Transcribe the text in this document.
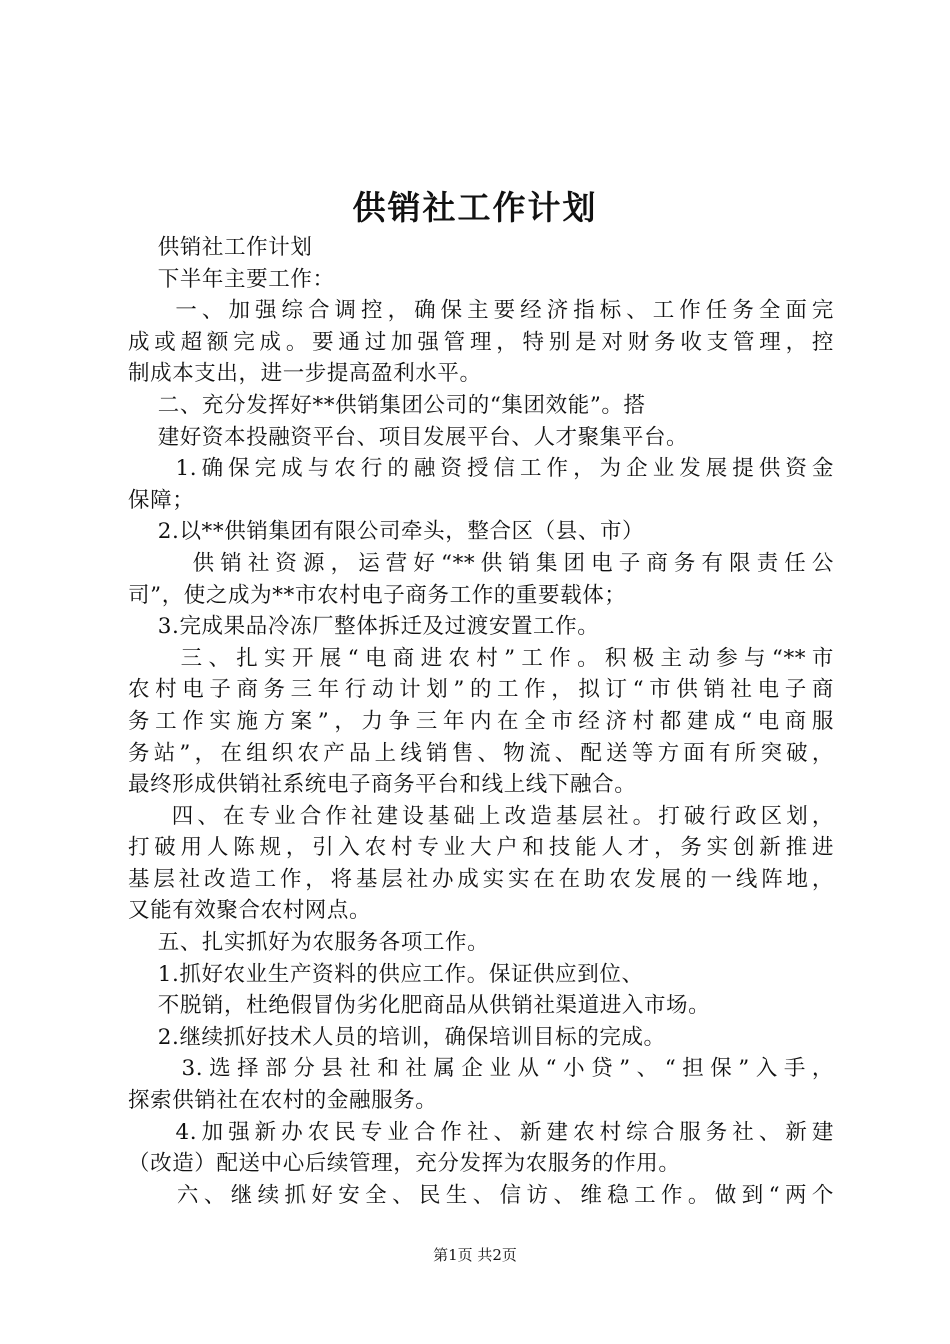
供销社工作计划
供销社工作计划
下半年主要工作：
一、加强综合调控，确保主要经济指标、工作任务全面完
成或超额完成。要通过加强管理，特别是对财务收支管理，控
制成本支出，进一步提高盈利水平。
二、充分发挥好**供销集团公司的“集团效能”。搭
建好资本投融资平台、项目发展平台、人才聚集平台。
1.确保完成与农行的融资授信工作，为企业发展提供资金
保障；
2.以**供销集团有限公司牵头，整合区（县、市）
供销社资源，运营好“**供销集团电子商务有限责任公
司”，使之成为**市农村电子商务工作的重要载体；
3.完成果品冷冻厂整体拆迁及过渡安置工作。
三、扎实开展“电商进农村”工作。积极主动参与“**市
农村电子商务三年行动计划”的工作，拟订“市供销社电子商
务工作实施方案”，力争三年内在全市经济村都建成“电商服
务站”，在组织农产品上线销售、物流、配送等方面有所突破，
最终形成供销社系统电子商务平台和线上线下融合。
四、在专业合作社建设基础上改造基层社。打破行政区划，
打破用人陈规，引入农村专业大户和技能人才，务实创新推进
基层社改造工作，将基层社办成实实在在助农发展的一线阵地，
又能有效聚合农村网点。
五、扎实抓好为农服务各项工作。
1.抓好农业生产资料的供应工作。保证供应到位、
不脱销，杜绝假冒伪劣化肥商品从供销社渠道进入市场。
2.继续抓好技术人员的培训，确保培训目标的完成。
3.选择部分县社和社属企业从“小贷”、“担保”入手，
探索供销社在农村的金融服务。
4.加强新办农民专业合作社、新建农村综合服务社、新建
（改造）配送中心后续管理，充分发挥为农服务的作用。
六、继续抓好安全、民生、信访、维稳工作。做到“两个
第1页 共2页
